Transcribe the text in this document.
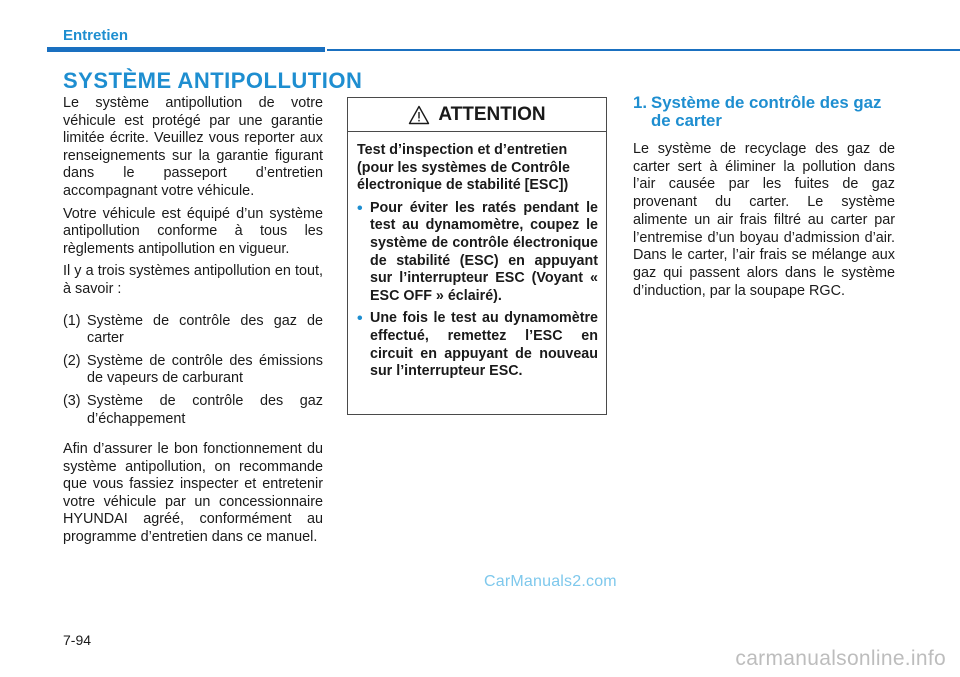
Entretien
SYSTÈME ANTIPOLLUTION

Le système antipollution de votre véhicule est protégé par une garantie limitée écrite. Veuillez vous reporter aux renseignements sur la garantie figurant dans le passeport d’entretien accompagnant votre véhicule.

Votre véhicule est équipé d’un système antipollution conforme à tous les règlements antipollution en vigueur.

Il y a trois systèmes antipollution en tout, à savoir :

(1) Système de contrôle des gaz de carter
(2) Système de contrôle des émissions de vapeurs de carburant
(3) Système de contrôle des gaz d’échappement

Afin d’assurer le bon fonctionnement du système antipollution, on recommande que vous fassiez inspecter et entretenir votre véhicule par un concessionnaire HYUNDAI agréé, conformément au programme d’entretien dans ce manuel.

ATTENTION

Test d’inspection et d’entretien (pour les systèmes de Contrôle électronique de stabilité [ESC])

• Pour éviter les ratés pendant le test au dynamomètre, coupez le système de contrôle électronique de stabilité (ESC) en appuyant sur l’interrupteur ESC (Voyant « ESC OFF » éclairé).
• Une fois le test au dynamomètre effectué, remettez l’ESC en circuit en appuyant de nouveau sur l’interrupteur ESC.
1. Système de contrôle des gaz de carter

Le système de recyclage des gaz de carter sert à éliminer la pollution dans l’air causée par les fuites de gaz provenant du carter. Le système alimente un air frais filtré au carter par l’entremise d’un boyau d’admission d’air. Dans le carter, l’air frais se mélange aux gaz qui passent alors dans le système d’induction, par la soupape RGC.

CarManuals2.com
7-94
carmanualsonline.info
